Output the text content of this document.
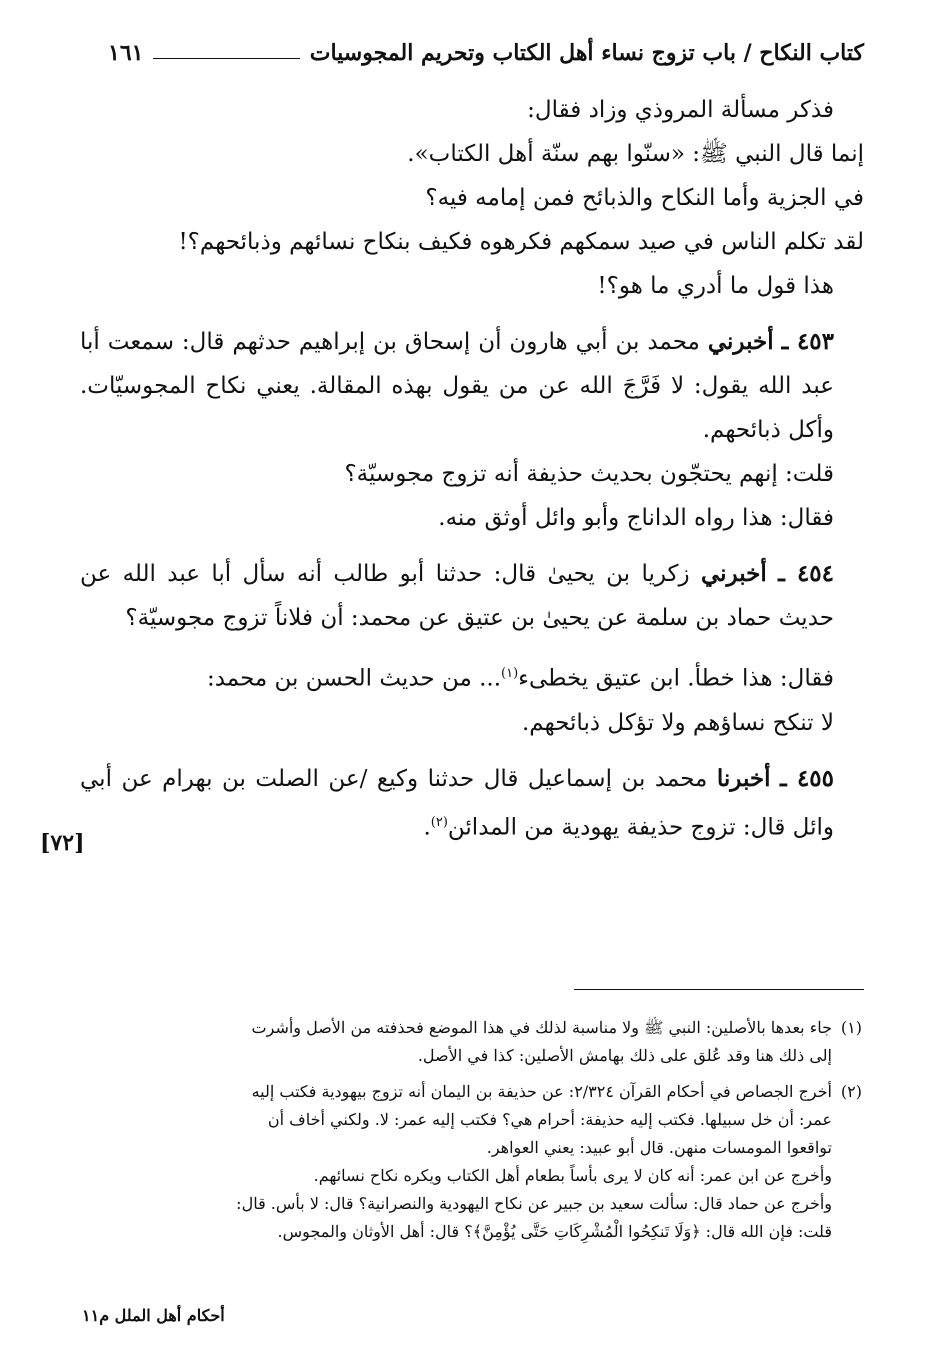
كتاب النكاح / باب تزوج نساء أهل الكتاب وتحريم المجوسيات
١٦١

فذكر مسألة المروذي وزاد فقال:

إنما قال النبي ﷺ: «سنّوا بهم سنّة أهل الكتاب».

في الجزية وأما النكاح والذبائح فمن إمامه فيه؟

لقد تكلم الناس في صيد سمكهم فكرهوه فكيف بنكاح نسائهم وذبائحهم؟!

هذا قول ما أدري ما هو؟!

٤٥٣ ـ أخبرني محمد بن أبي هارون أن إسحاق بن إبراهيم حدثهم قال: سمعت أبا عبد الله يقول: لا فَرَّجَ الله عن من يقول بهذه المقالة. يعني نكاح المجوسيّات. وأكل ذبائحهم.

قلت: إنهم يحتجّون بحديث حذيفة أنه تزوج مجوسيّة؟

فقال: هذا رواه الداناج وأبو وائل أوثق منه.

٤٥٤ ـ أخبرني زكريا بن يحيىٰ قال: حدثنا أبو طالب أنه سأل أبا عبد الله عن حديث حماد بن سلمة عن يحيىٰ بن عتيق عن محمد: أن فلاناً تزوج مجوسيّة؟

فقال: هذا خطأ. ابن عتيق يخطىء$^{(١)}$... من حديث الحسن بن محمد:

لا تنكح نساؤهم ولا تؤكل ذبائحهم.

٤٥٥ ـ أخبرنا محمد بن إسماعيل قال حدثنا وكيع /عن الصلت بن بهرام عن أبي وائل قال: تزوج حذيفة يهودية من المدائن$^{(٢)}$.

[٧٢]
(١)

جاء بعدها بالأصلين: النبي ﷺ ولا مناسبة لذلك في هذا الموضع فحذفته من الأصل وأشرت

إلى ذلك هنا وقد عُلق على ذلك بهامش الأصلين: كذا في الأصل.

(٢)

أخرج الجصاص في أحكام القرآن ٢/٣٢٤: عن حذيفة بن اليمان أنه تزوج بيهودية فكتب إليه

عمر: أن خل سبيلها. فكتب إليه حذيفة: أحرام هي؟ فكتب إليه عمر: لا. ولكني أخاف أن

تواقعوا المومسات منهن. قال أبو عبيد: يعني العواهر.

وأخرج عن ابن عمر: أنه كان لا يرى بأساً بطعام أهل الكتاب ويكره نكاح نسائهم.

وأخرج عن حماد قال: سألت سعيد بن جبير عن نكاح اليهودية والنصرانية؟ قال: لا بأس. قال:

قلت: فإن الله قال: ﴿وَلَا تَنكِحُوا الْمُشْرِكَاتِ حَتَّى يُؤْمِنَّ﴾؟ قال: أهل الأوثان والمجوس.

أحكام أهل الملل م١١
